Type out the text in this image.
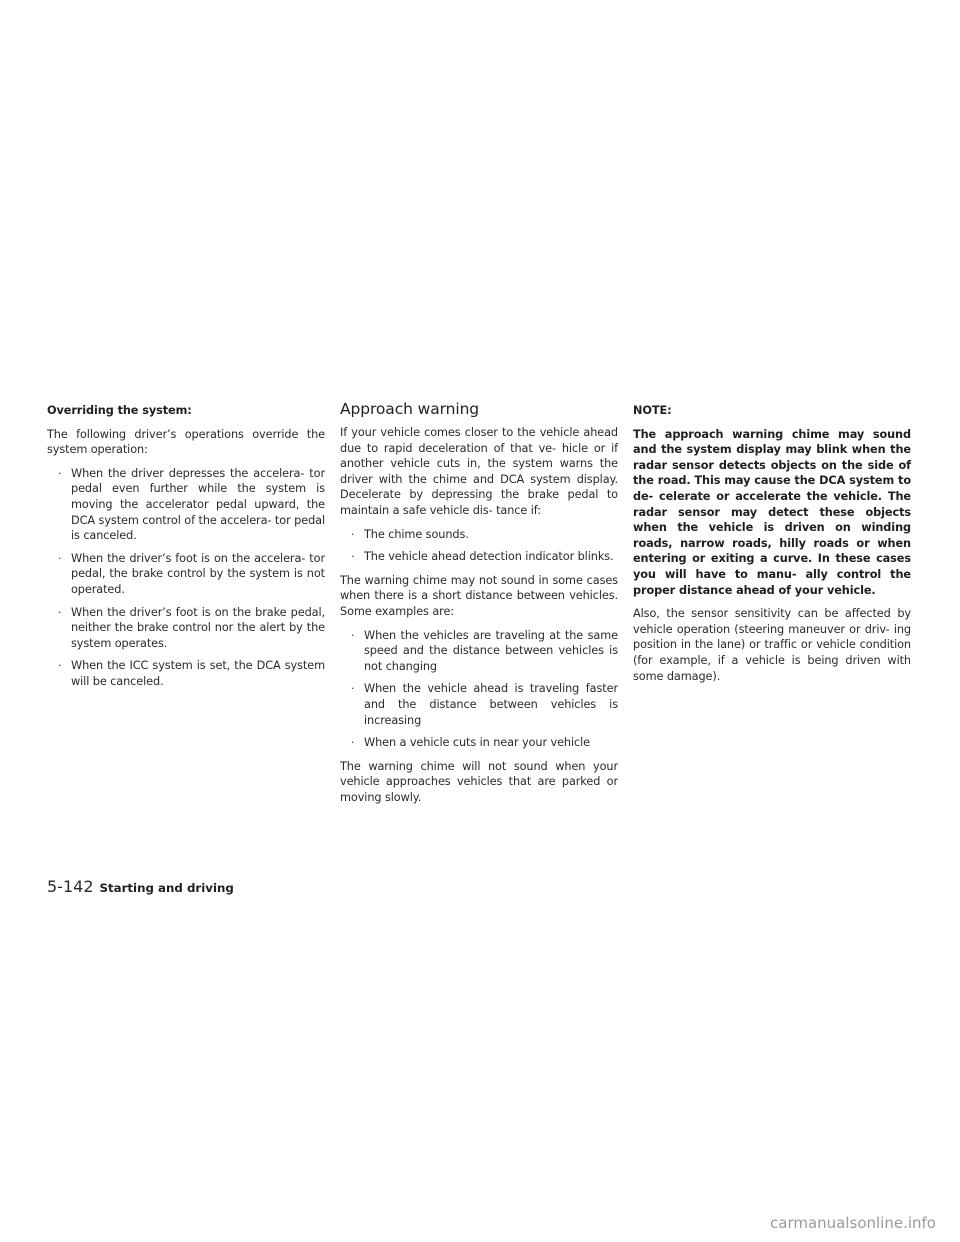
Overriding the system:

The following driver’s operations override the system operation:

· When the driver depresses the accelera- tor pedal even further while the system is moving the accelerator pedal upward, the DCA system control of the accelera- tor pedal is canceled.
· When the driver’s foot is on the accelera- tor pedal, the brake control by the system is not operated.
· When the driver’s foot is on the brake pedal, neither the brake control nor the alert by the system operates.
· When the ICC system is set, the DCA system will be canceled.
Approach warning

If your vehicle comes closer to the vehicle ahead due to rapid deceleration of that ve- hicle or if another vehicle cuts in, the system warns the driver with the chime and DCA system display. Decelerate by depressing the brake pedal to maintain a safe vehicle dis- tance if:

· The chime sounds.
· The vehicle ahead detection indicator blinks.

The warning chime may not sound in some cases when there is a short distance between vehicles. Some examples are:

· When the vehicles are traveling at the same speed and the distance between vehicles is not changing
· When the vehicle ahead is traveling faster and the distance between vehicles is increasing
· When a vehicle cuts in near your vehicle

The warning chime will not sound when your vehicle approaches vehicles that are parked or moving slowly.

NOTE:

The approach warning chime may sound and the system display may blink when the radar sensor detects objects on the side of the road. This may cause the DCA system to de- celerate or accelerate the vehicle. The radar sensor may detect these objects when the vehicle is driven on winding roads, narrow roads, hilly roads or when entering or exiting a curve. In these cases you will have to manu- ally control the proper distance ahead of your vehicle.

Also, the sensor sensitivity can be affected by vehicle operation (steering maneuver or driv- ing position in the lane) or traffic or vehicle condition (for example, if a vehicle is being driven with some damage).

5-142 Starting and driving
carmanualsonline.info
